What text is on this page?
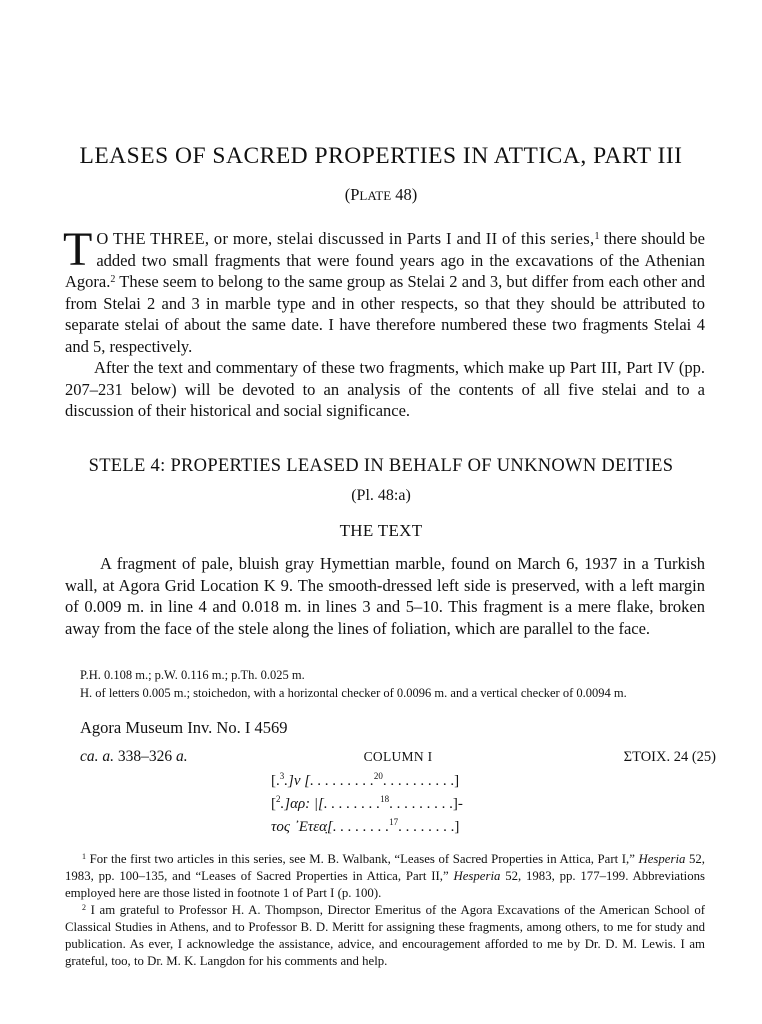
LEASES OF SACRED PROPERTIES IN ATTICA, PART III
(PLATE 48)

T O THE THREE, or more, stelai discussed in Parts I and II of this series,$^1$ there should be added two small fragments that were found years ago in the excavations of the Athenian Agora.$^2$ These seem to belong to the same group as Stelai 2 and 3, but differ from each other and from Stelai 2 and 3 in marble type and in other respects, so that they should be attributed to separate stelai of about the same date. I have therefore numbered these two fragments Stelai 4 and 5, respectively.

After the text and commentary of these two fragments, which make up Part III, Part IV (pp. 207–231 below) will be devoted to an analysis of the contents of all five stelai and to a discussion of their historical and social significance.

STELE 4: PROPERTIES LEASED IN BEHALF OF UNKNOWN DEITIES
(Pl. 48:a)
THE TEXT

A fragment of pale, bluish gray Hymettian marble, found on March 6, 1937 in a Turkish wall, at Agora Grid Location K 9. The smooth-dressed left side is preserved, with a left margin of 0.009 m. in line 4 and 0.018 m. in lines 3 and 5–10. This fragment is a mere flake, broken away from the face of the stele along the lines of foliation, which are parallel to the face.

P.H. 0.108 m.; p.W. 0.116 m.; p.Th. 0.025 m.
H. of letters 0.005 m.; stoichedon, with a horizontal checker of 0.0096 m. and a vertical checker of 0.0094 m.
Agora Museum Inv. No. I 4569
ca. a. 338–326 a.	COLUMN I	ΣΤΟΙΧ. 24 (25)
[.$^3$.]ν [. . . . . . . . .$^{20}$. . . . . . . . . .]
[$^2$.]αρ: |[. . . . . . . .$^{18}$. . . . . . . . .]-
τος ᾽Ετεα̣[. . . . . . . .$^{17}$. . . . . . . .]

$^1$ For the first two articles in this series, see M. B. Walbank, “Leases of Sacred Properties in Attica, Part I,” Hesperia 52, 1983, pp. 100–135, and “Leases of Sacred Properties in Attica, Part II,” Hesperia 52, 1983, pp. 177–199. Abbreviations employed here are those listed in footnote 1 of Part I (p. 100).

$^2$ I am grateful to Professor H. A. Thompson, Director Emeritus of the Agora Excavations of the American School of Classical Studies in Athens, and to Professor B. D. Meritt for assigning these fragments, among others, to me for study and publication. As ever, I acknowledge the assistance, advice, and encouragement afforded to me by Dr. D. M. Lewis. I am grateful, too, to Dr. M. K. Langdon for his comments and help.
